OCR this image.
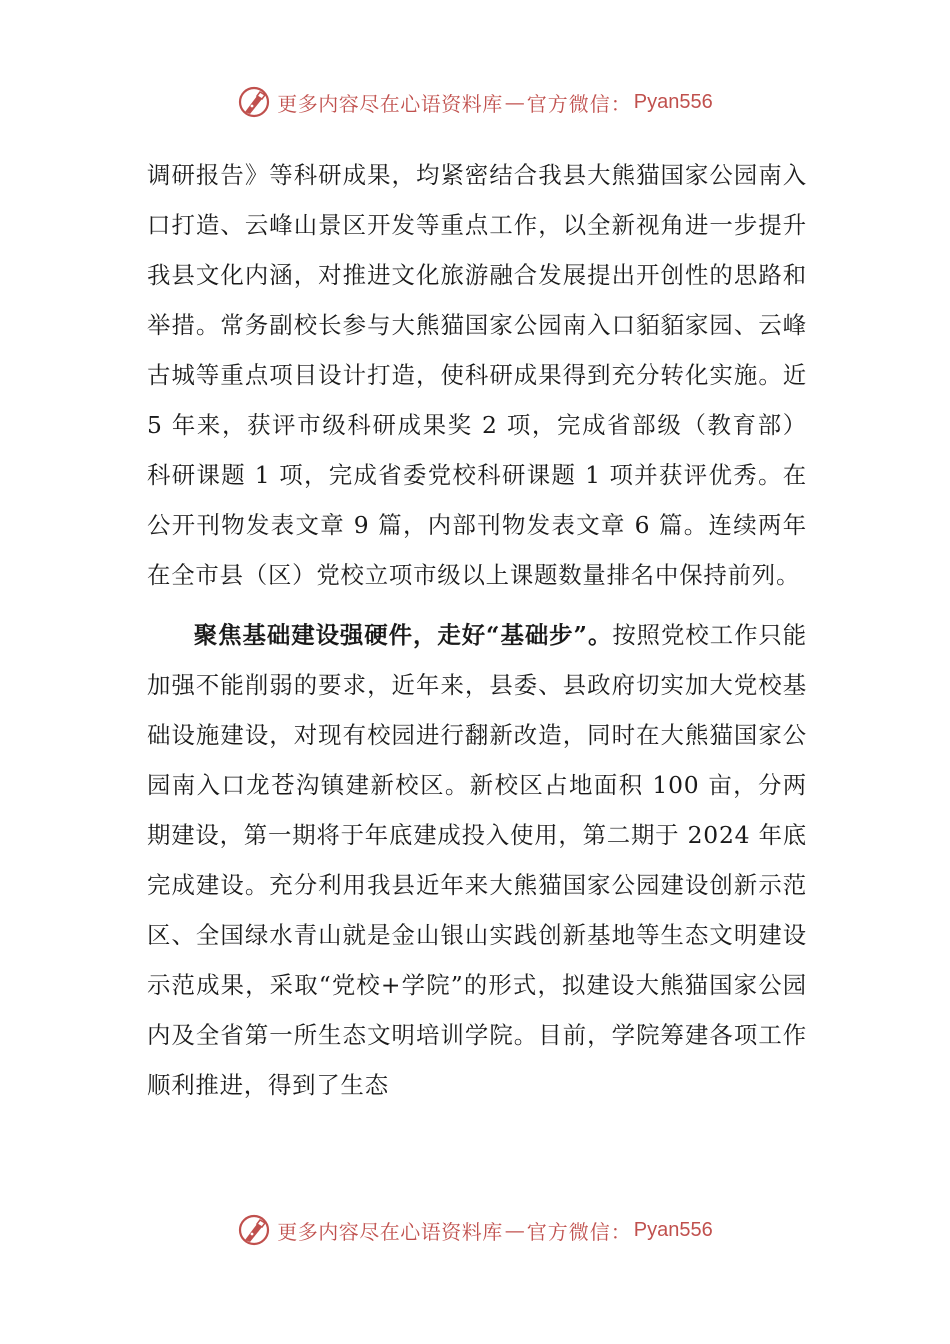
更多内容尽在心语资料库 — 官方微信： Pyan556

调研报告》等科研成果，均紧密结合我县大熊猫国家公园南入口打造、云峰山景区开发等重点工作，以全新视角进一步提升我县文化内涵，对推进文化旅游融合发展提出开创性的思路和举措。常务副校长参与大熊猫国家公园南入口貊貊家园、云峰古城等重点项目设计打造，使科研成果得到充分转化实施。近 5 年来，获评市级科研成果奖 2 项，完成省部级（教育部）科研课题 1 项，完成省委党校科研课题 1 项并获评优秀。在公开刊物发表文章 9 篇，内部刊物发表文章 6 篇。连续两年在全市县（区）党校立项市级以上课题数量排名中保持前列。

聚焦基础建设强硬件，走好“基础步”。按照党校工作只能加强不能削弱的要求，近年来，县委、县政府切实加大党校基础设施建设，对现有校园进行翻新改造，同时在大熊猫国家公园南入口龙苍沟镇建新校区。新校区占地面积 100 亩，分两期建设，第一期将于年底建成投入使用，第二期于 2024 年底完成建设。充分利用我县近年来大熊猫国家公园建设创新示范区、全国绿水青山就是金山银山实践创新基地等生态文明建设示范成果，采取“党校+学院”的形式，拟建设大熊猫国家公园内及全省第一所生态文明培训学院。目前，学院筹建各项工作顺利推进，得到了生态

更多内容尽在心语资料库 — 官方微信： Pyan556
